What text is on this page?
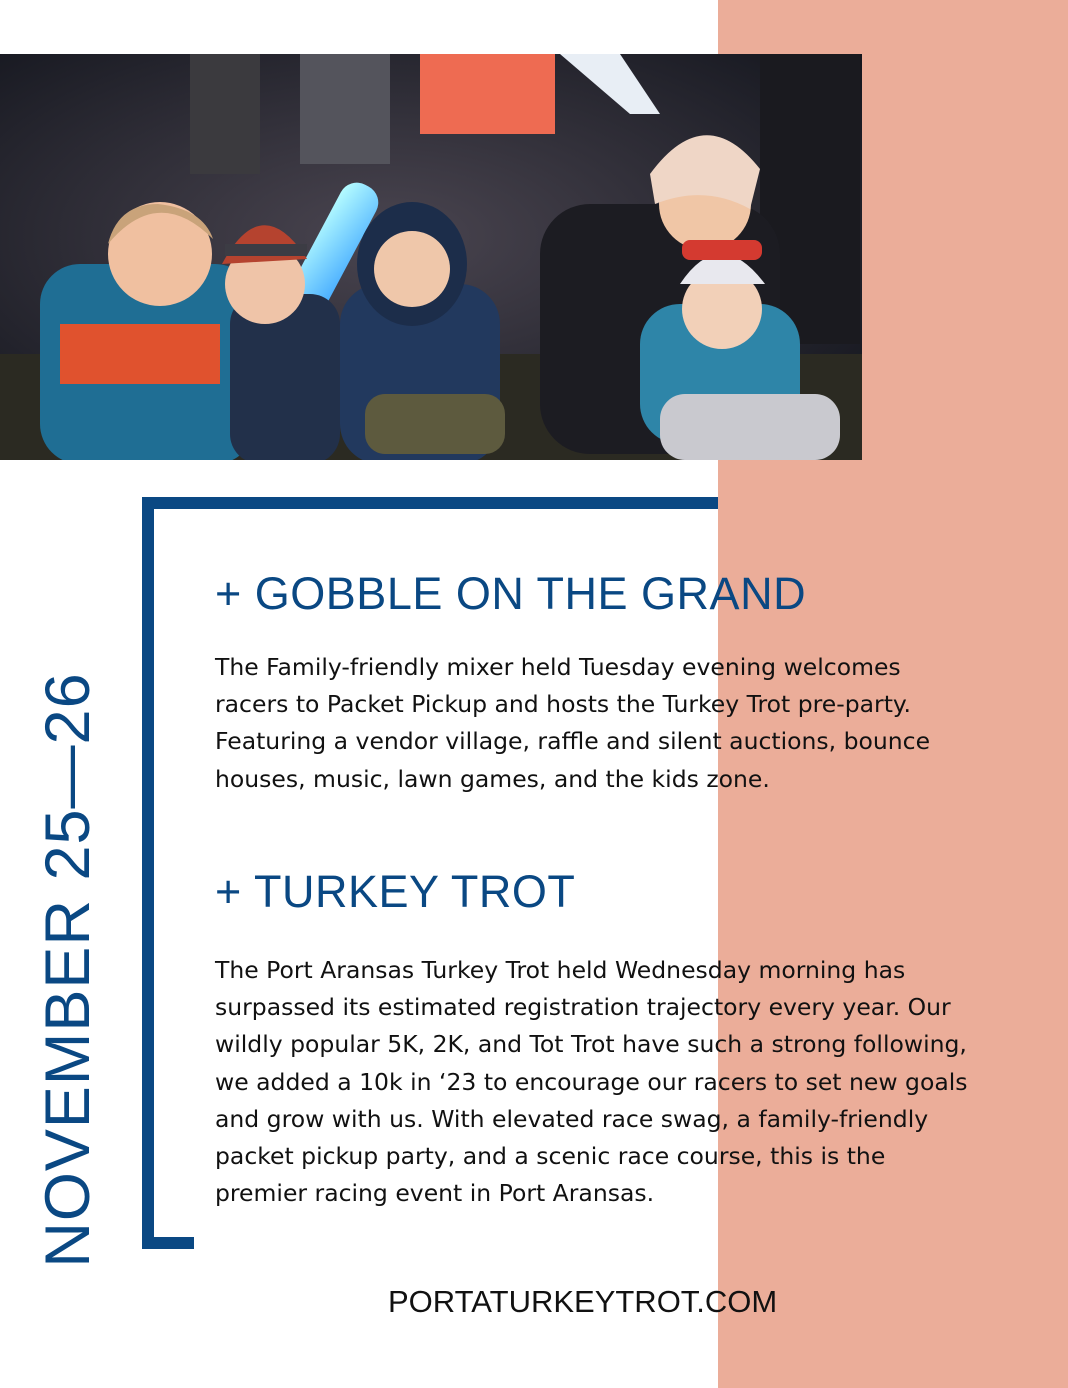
NOVEMBER 25—26
+ GOBBLE ON THE GRAND

The Family-friendly mixer held Tuesday evening welcomes racers to Packet Pickup and hosts the Turkey Trot pre-party. Featuring a vendor village, raffle and silent auctions, bounce houses, music, lawn games, and the kids zone.

+ TURKEY TROT

The Port Aransas Turkey Trot held Wednesday morning has surpassed its estimated registration trajectory every year. Our wildly popular 5K, 2K, and Tot Trot have such a strong following, we added a 10k in ‘23 to encourage our racers to set new goals and grow with us. With elevated race swag, a family-friendly packet pickup party, and a scenic race course, this is the premier racing event in Port Aransas.

PORTATURKEYTROT.COM
